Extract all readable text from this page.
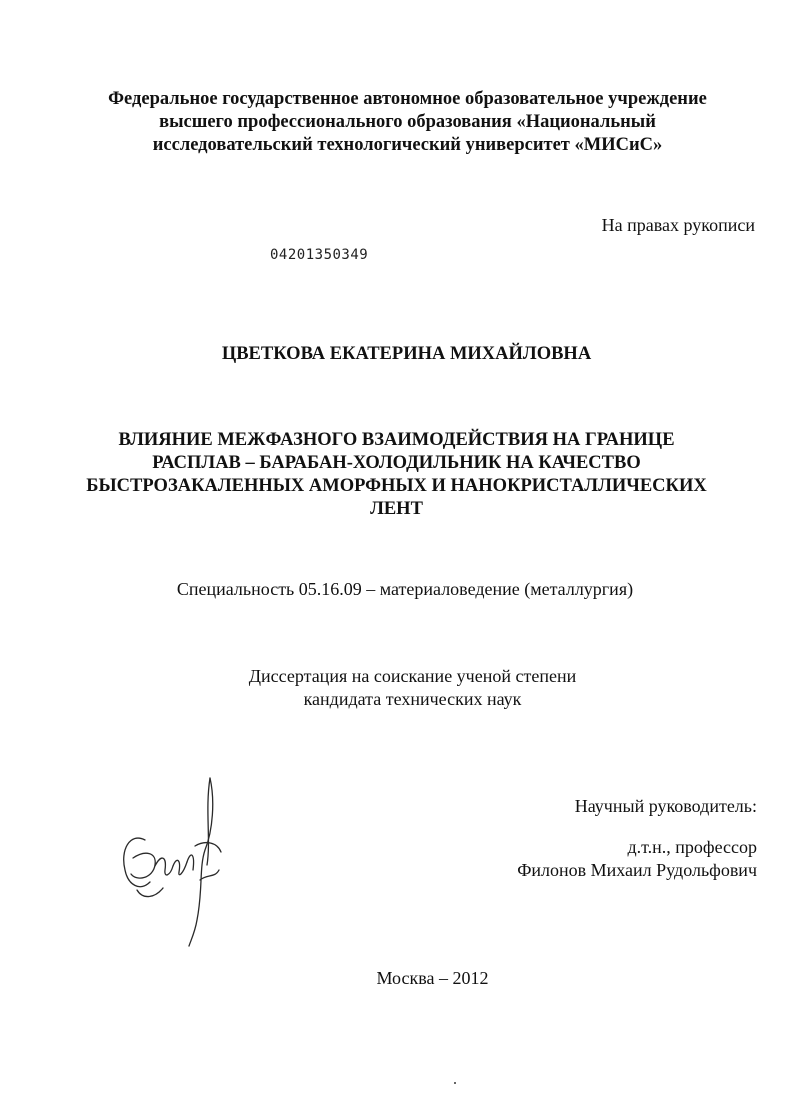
Федеральное государственное автономное образовательное учреждение
высшего профессионального образования «Национальный
исследовательский технологический университет «МИСиС»
На правах рукописи
04201350349
ЦВЕТКОВА ЕКАТЕРИНА МИХАЙЛОВНА
ВЛИЯНИЕ МЕЖФАЗНОГО ВЗАИМОДЕЙСТВИЯ НА ГРАНИЦЕ
РАСПЛАВ – БАРАБАН-ХОЛОДИЛЬНИК НА КАЧЕСТВО
БЫСТРОЗАКАЛЕННЫХ АМОРФНЫХ И НАНОКРИСТАЛЛИЧЕСКИХ
ЛЕНТ
Специальность 05.16.09 – материаловедение (металлургия)
Диссертация на соискание ученой степени
кандидата технических наук
Научный руководитель:
д.т.н., профессор
Филонов Михаил Рудольфович
Москва – 2012
